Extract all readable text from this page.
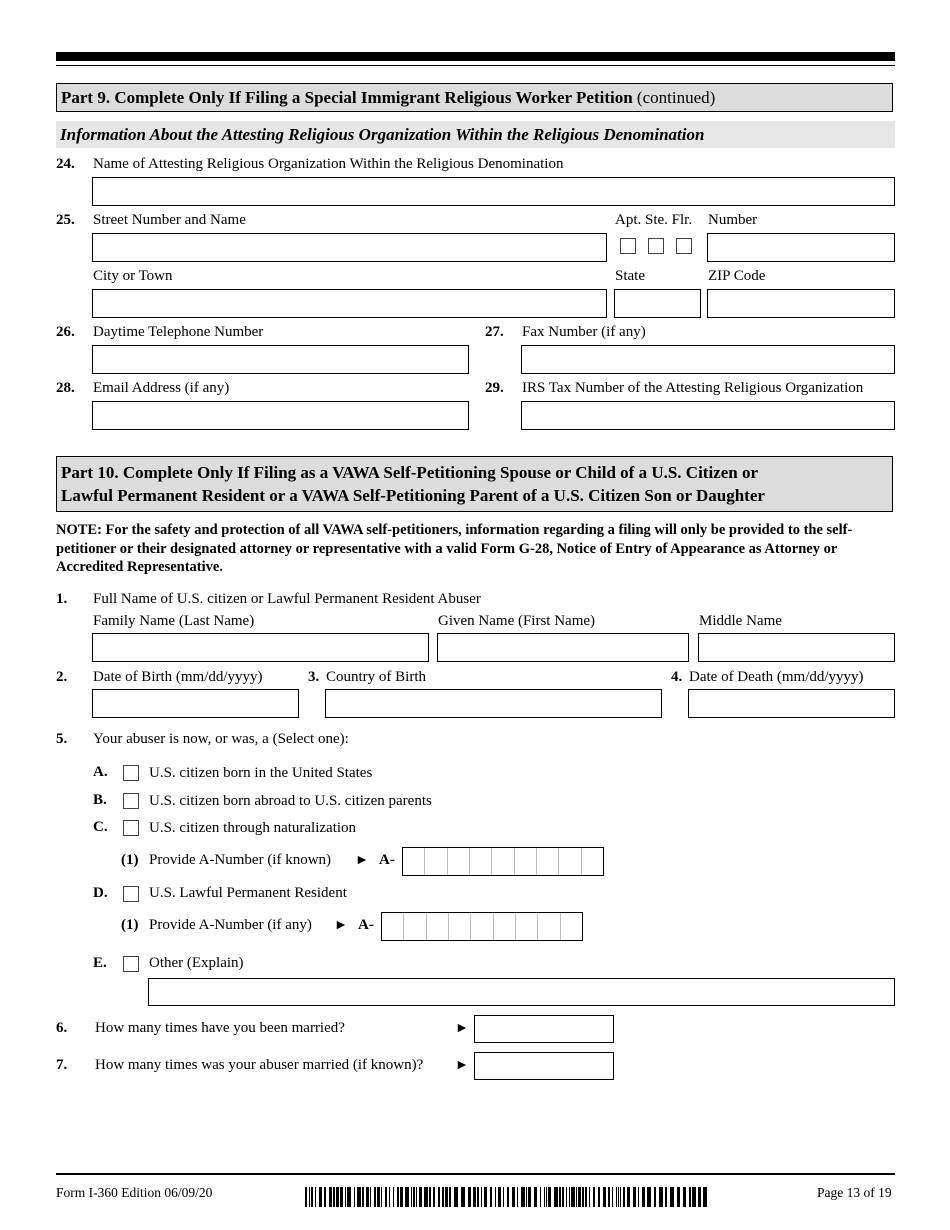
Part 9. Complete Only If Filing a Special Immigrant Religious Worker Petition (continued)
Information About the Attesting Religious Organization Within the Religious Denomination
24. Name of Attesting Religious Organization Within the Religious Denomination
25. Street Number and Name	Apt. Ste. Flr. Number
City or Town	State	ZIP Code
26. Daytime Telephone Number	27. Fax Number (if any)
28. Email Address (if any)	29. IRS Tax Number of the Attesting Religious Organization
Part 10. Complete Only If Filing as a VAWA Self-Petitioning Spouse or Child of a U.S. Citizen or
Lawful Permanent Resident or a VAWA Self-Petitioning Parent of a U.S. Citizen Son or Daughter
NOTE: For the safety and protection of all VAWA self-petitioners, information regarding a filing will only be provided to the self-petitioner or their designated attorney or representative with a valid Form G-28, Notice of Entry of Appearance as Attorney or Accredited Representative.
1. Full Name of U.S. citizen or Lawful Permanent Resident Abuser
Family Name (Last Name)	Given Name (First Name)	Middle Name
2. Date of Birth (mm/dd/yyyy)	3. Country of Birth	4. Date of Death (mm/dd/yyyy)
5. Your abuser is now, or was, a (Select one):
A.	U.S. citizen born in the United States
B.	U.S. citizen born abroad to U.S. citizen parents
C.	U.S. citizen through naturalization
(1) Provide A-Number (if known) ► A-
D.	U.S. Lawful Permanent Resident
(1) Provide A-Number (if any) ► A-
E.	Other (Explain)
6. How many times have you been married?	►
7. How many times was your abuser married (if known)? ►
Form I-360 Edition 06/09/20	Page 13 of 19
